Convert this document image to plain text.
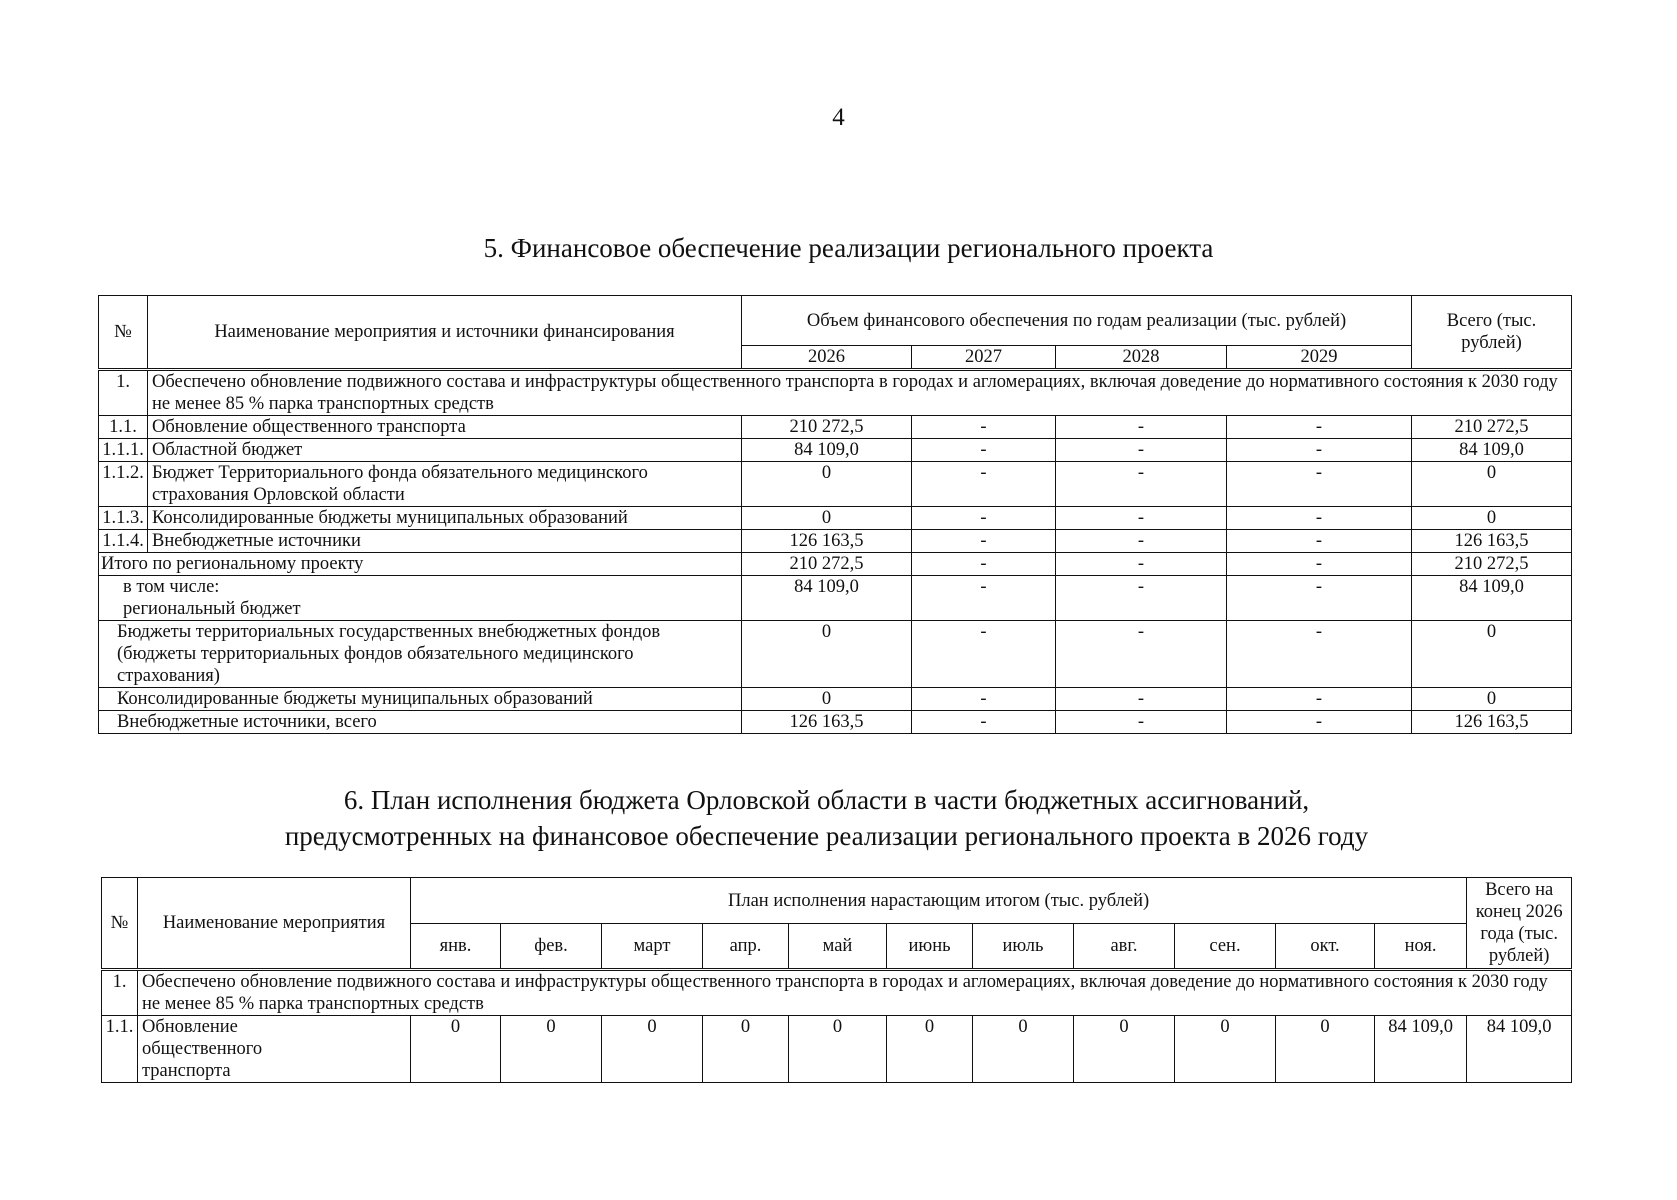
4
5. Финансовое обеспечение реализации регионального проекта
№	Наименование мероприятия и источники финансирования	Объем финансового обеспечения по годам реализации (тыс. рублей)				Всего (тыс. рублей)
		2026	2027	2028	2029	
1.	Обеспечено обновление подвижного состава и инфраструктуры общественного транспорта в городах и агломерациях, включая доведение до нормативного состояния к 2030 году не менее 85 % парка транспортных средств					
1.1.	Обновление общественного транспорта	210 272,5	-	-	-	210 272,5
1.1.1.	Областной бюджет	84 109,0	-	-	-	84 109,0
1.1.2.	Бюджет Территориального фонда обязательного медицинского страхования Орловской области	0	-	-	-	0
1.1.3.	Консолидированные бюджеты муниципальных образований	0	-	-	-	0
1.1.4.	Внебюджетные источники	126 163,5	-	-	-	126 163,5
Итого по региональному проекту		210 272,5	-	-	-	210 272,5
в том числе: региональный бюджет		84 109,0	-	-	-	84 109,0
Бюджеты территориальных государственных внебюджетных фондов (бюджеты территориальных фондов обязательного медицинского страхования)		0	-	-	-	0
Консолидированные бюджеты муниципальных образований		0	-	-	-	0
Внебюджетные источники, всего		126 163,5	-	-	-	126 163,5
6. План исполнения бюджета Орловской области в части бюджетных ассигнований,
предусмотренных на финансовое обеспечение реализации регионального проекта в 2026 году
№	Наименование мероприятия	План исполнения нарастающим итогом (тыс. рублей)											Всего на конец 2026 года (тыс. рублей)
		янв.	фев.	март	апр.	май	июнь	июль	авг.	сен.	окт.	ноя.	
1.	Обеспечено обновление подвижного состава и инфраструктуры общественного транспорта в городах и агломерациях, включая доведение до нормативного состояния к 2030 году не менее 85 % парка транспортных средств												
1.1.	Обновление общественного транспорта	0	0	0	0	0	0	0	0	0	0	84 109,0	84 109,0
